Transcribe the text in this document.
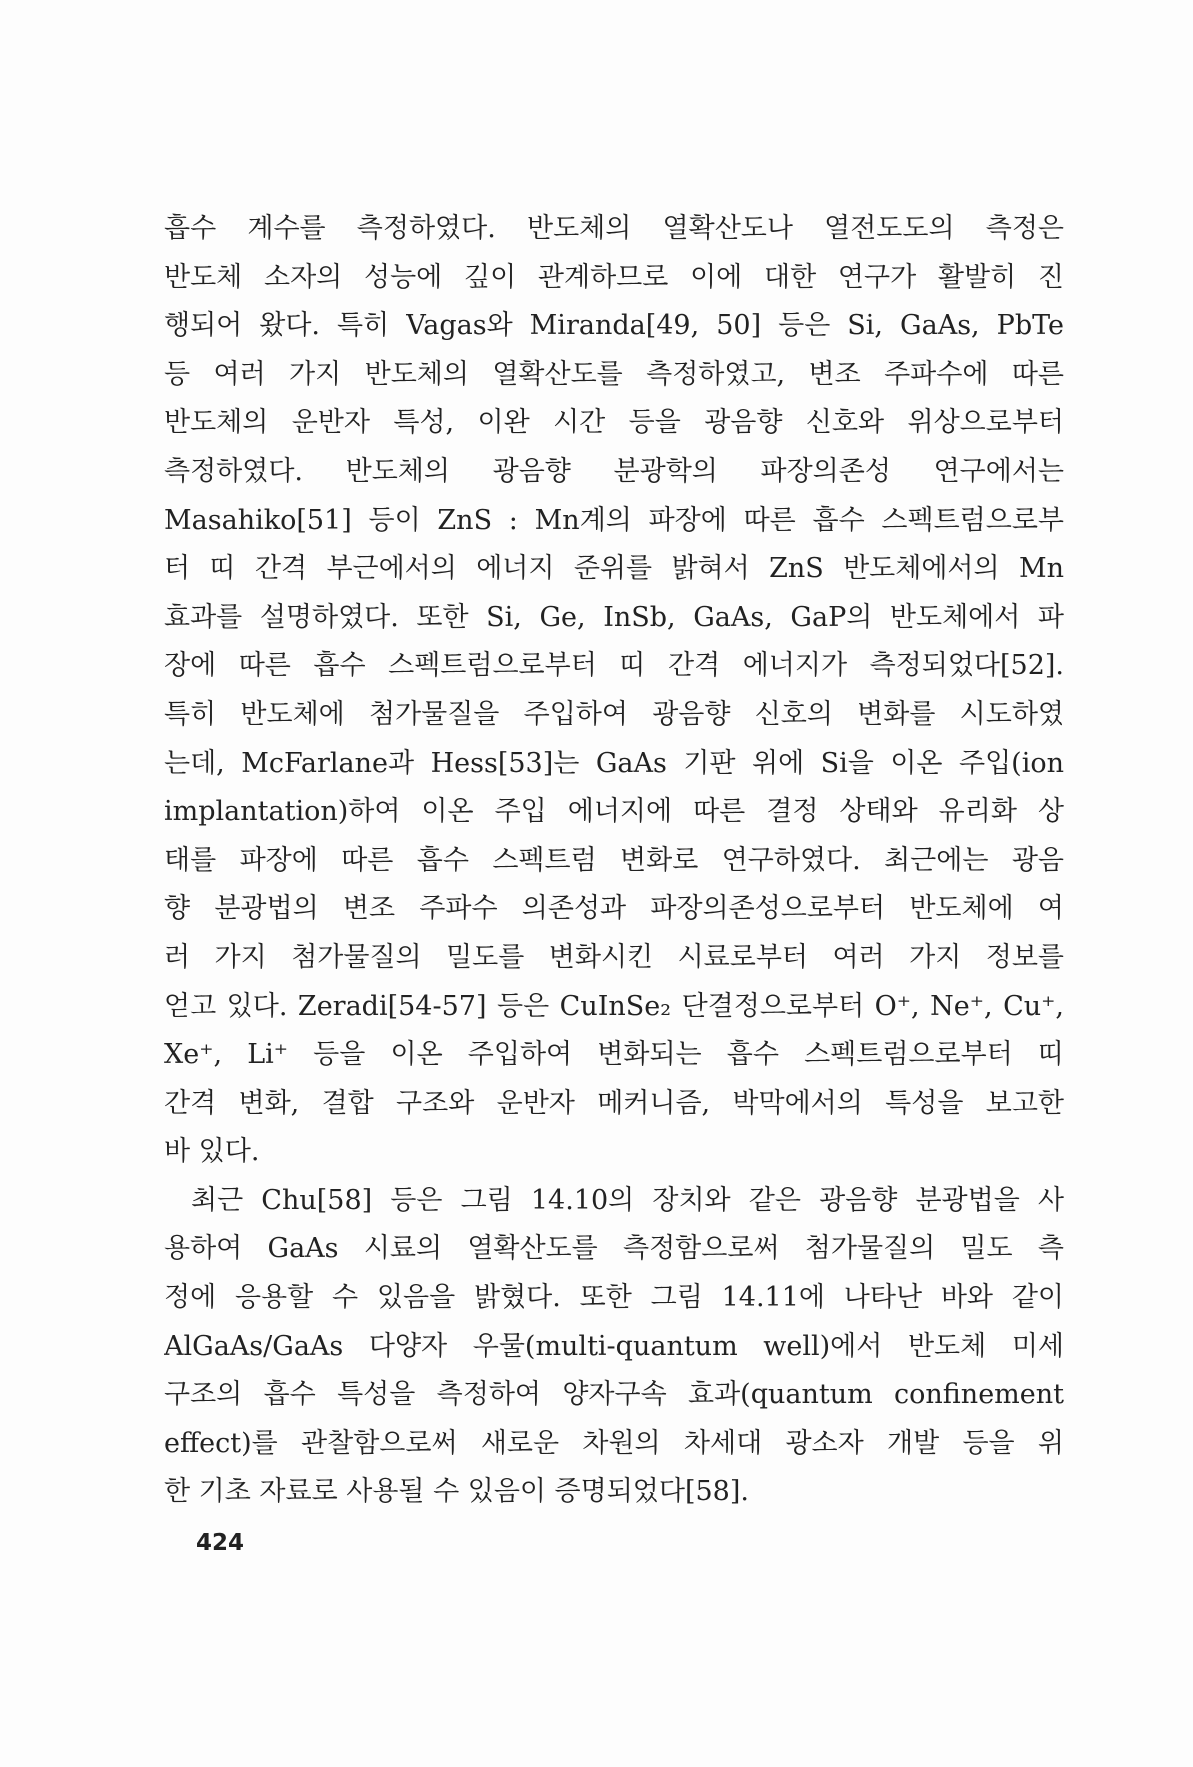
흡수 계수를 측정하였다. 반도체의 열확산도나 열전도도의 측정은
반도체 소자의 성능에 깊이 관계하므로 이에 대한 연구가 활발히 진
행되어 왔다. 특히 Vagas와 Miranda[49, 50] 등은 Si, GaAs, PbTe
등 여러 가지 반도체의 열확산도를 측정하였고, 변조 주파수에 따른
반도체의 운반자 특성, 이완 시간 등을 광음향 신호와 위상으로부터
측정하였다. 반도체의 광음향 분광학의 파장의존성 연구에서는
Masahiko[51] 등이 ZnS : Mn계의 파장에 따른 흡수 스펙트럼으로부
터 띠 간격 부근에서의 에너지 준위를 밝혀서 ZnS 반도체에서의 Mn
효과를 설명하였다. 또한 Si, Ge, InSb, GaAs, GaP의 반도체에서 파
장에 따른 흡수 스펙트럼으로부터 띠 간격 에너지가 측정되었다[52].
특히 반도체에 첨가물질을 주입하여 광음향 신호의 변화를 시도하였
는데, McFarlane과 Hess[53]는 GaAs 기판 위에 Si을 이온 주입(ion
implantation)하여 이온 주입 에너지에 따른 결정 상태와 유리화 상
태를 파장에 따른 흡수 스펙트럼 변화로 연구하였다. 최근에는 광음
향 분광법의 변조 주파수 의존성과 파장의존성으로부터 반도체에 여
러 가지 첨가물질의 밀도를 변화시킨 시료로부터 여러 가지 정보를
얻고 있다. Zeradi[54-57] 등은 CuInSe₂ 단결정으로부터 O⁺, Ne⁺, Cu⁺,
Xe⁺, Li⁺ 등을 이온 주입하여 변화되는 흡수 스펙트럼으로부터 띠
간격 변화, 결합 구조와 운반자 메커니즘, 박막에서의 특성을 보고한
바 있다.
최근 Chu[58] 등은 그림 14.10의 장치와 같은 광음향 분광법을 사
용하여 GaAs 시료의 열확산도를 측정함으로써 첨가물질의 밀도 측
정에 응용할 수 있음을 밝혔다. 또한 그림 14.11에 나타난 바와 같이
AlGaAs/GaAs 다양자 우물(multi-quantum well)에서 반도체 미세
구조의 흡수 특성을 측정하여 양자구속 효과(quantum confinement
effect)를 관찰함으로써 새로운 차원의 차세대 광소자 개발 등을 위
한 기초 자료로 사용될 수 있음이 증명되었다[58].
424
